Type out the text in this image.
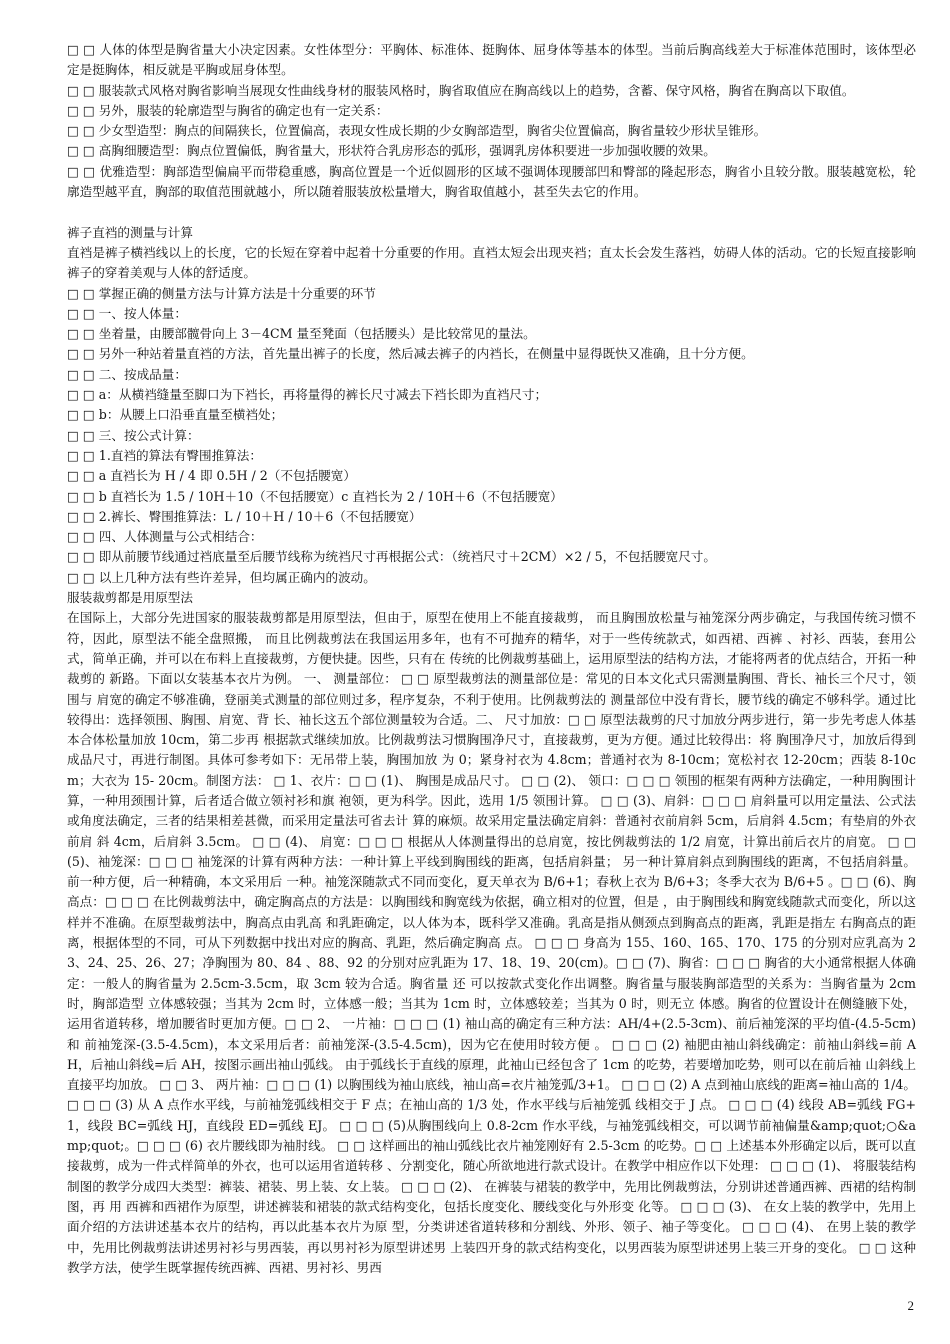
□ □ 人体的体型是胸省量大小决定因素。女性体型分：平胸体、标准体、挺胸体、屈身体等基本的体型。当前后胸高线差大于标准体范围时，该体型必定是挺胸体，相反就是平胸或屈身体型。

□ □ 服装款式风格对胸省影响当展现女性曲线身材的服装风格时，胸省取值应在胸高线以上的趋势，含蓄、保守风格，胸省在胸高以下取值。

□ □ 另外，服装的轮廓造型与胸省的确定也有一定关系：

□ □ 少女型造型：胸点的间隔狭长，位置偏高，表现女性成长期的少女胸部造型，胸省尖位置偏高，胸省量较少形状呈锥形。

□ □ 高胸细腰造型：胸点位置偏低，胸省量大，形状符合乳房形态的弧形，强调乳房体积要进一步加强收腰的效果。

□ □ 优雅造型：胸部造型偏扁平而带稳重感，胸高位置是一个近似圆形的区域不强调体现腰部凹和臀部的隆起形态，胸省小且较分散。服装越宽松，轮廓造型越平直，胸部的取值范围就越小，所以随着服装放松量增大，胸省取值越小，甚至失去它的作用。

裤子直裆的测量与计算

直裆是裤子横裆线以上的长度，它的长短在穿着中起着十分重要的作用。直裆太短会出现夹裆；直太长会发生落裆，妨碍人体的活动。它的长短直接影响裤子的穿着美观与人体的舒适度。

□ □ 掌握正确的侧量方法与计算方法是十分重要的环节

□ □ 一、按人体量：

□ □ 坐着量，由腰部髋骨向上 3－4CM 量至凳面（包括腰头）是比较常见的量法。

□ □ 另外一种站着量直裆的方法，首先量出裤子的长度，然后减去裤子的内裆长，在侧量中显得既快又准确，且十分方便。

□ □ 二、按成品量：

□ □ a：从横裆缝量至脚口为下裆长，再将量得的裤长尺寸减去下裆长即为直裆尺寸；

□ □ b：从腰上口沿垂直量至横裆处；

□ □ 三、按公式计算：

□ □ 1.直裆的算法有臀围推算法：

□ □ a 直裆长为 H / 4 即 0.5H / 2（不包括腰宽）

□ □ b 直裆长为 1.5 / 10H＋10（不包括腰宽）c 直裆长为 2 / 10H＋6（不包括腰宽）

□ □ 2.裤长、臀围推算法：L / 10＋H / 10＋6（不包括腰宽）

□ □ 四、人体测量与公式相结合：

□ □ 即从前腰节线通过裆底量至后腰节线称为统裆尺寸再根据公式：（统裆尺寸＋2CM）×2 / 5，不包括腰宽尺寸。

□ □ 以上几种方法有些许差异，但均属正确内的波动。

服装裁剪都是用原型法

在国际上，大部分先进国家的服装裁剪都是用原型法，但由于，原型在使用上不能直接裁剪， 而且胸围放松量与袖笼深分两步确定，与我国传统习惯不符，因此，原型法不能全盘照搬， 而且比例裁剪法在我国运用多年，也有不可抛弃的精华，对于一些传统款式，如西裙、西裤 、衬衫、西装，套用公式，简单正确，并可以在布料上直接裁剪，方便快捷。因些，只有在 传统的比例裁剪基础上，运用原型法的结构方法，才能将两者的优点结合，开拓一种裁剪的 新路。下面以女装基本衣片为例。 一、 测量部位： □ □ 原型裁剪法的测量部位是：常见的日本文化式只需测量胸围、背长、袖长三个尺寸，领围与 肩宽的确定不够准确，登丽美式测量的部位则过多，程序复杂，不利于使用。比例裁剪法的 测量部位中没有背长，腰节线的确定不够科学。通过比较得出：选择领围、胸围、肩宽、背 长、袖长这五个部位测量较为合适。二、 尺寸加放：□ □ 原型法裁剪的尺寸加放分两步进行，第一步先考虑人体基本合体松量加放 10cm，第二步再 根据款式继续加放。比例裁剪法习惯胸围净尺寸，直接裁剪，更为方便。通过比较得出：将 胸围净尺寸，加放后得到成品尺寸，再进行制图。具体可参考如下：无吊带上装，胸围加放 为 0；紧身衬衣为 4.8cm；普通衬衣为 8-10cm；宽松衬衣 12-20cm；西装 8-10cm；大衣为 15- 20cm。制图方法： □ 1、衣片：□ □ (1)、 胸围是成品尺寸。 □ □ (2)、 领口：□ □ □ 领围的框架有两种方法确定，一种用胸围计算，一种用颈围计算，后者适合做立领衬衫和旗 袍领，更为科学。因此，选用 1/5 领围计算。 □ □ (3)、肩斜：□ □ □ 肩斜量可以用定量法、公式法或角度法确定，三者的结果相差甚微，而采用定量法可省去计 算的麻烦。故采用定量法确定肩斜：普通衬衣前肩斜 5cm，后肩斜 4.5cm；有垫肩的外衣前肩 斜 4cm，后肩斜 3.5cm。 □ □ (4)、 肩宽：□ □ □ 根据从人体测量得出的总肩宽，按比例裁剪法的 1/2 肩宽，计算出前后衣片的肩宽。 □ □ (5)、袖笼深：□ □ □ 袖笼深的计算有两种方法：一种计算上平线到胸围线的距离，包括肩斜量； 另一种计算肩斜点到胸围线的距离，不包括肩斜量。前一种方便，后一种精确，本文采用后 一种。袖笼深随款式不同而变化，夏天单衣为 B/6+1；春秋上衣为 B/6+3；冬季大衣为 B/6+5 。□ □ (6)、胸高点：□ □ □ 在比例裁剪法中，确定胸高点的方法是：以胸围线和胸宽线为依据，确立相对的位置，但是 ，由于胸围线和胸宽线随款式而变化，所以这样并不准确。在原型裁剪法中，胸高点由乳高 和乳距确定，以人体为本，既科学又准确。乳高是指从侧颈点到胸高点的距离，乳距是指左 右胸高点的距离，根据体型的不同，可从下列数据中找出对应的胸高、乳距，然后确定胸高 点。 □ □ □ 身高为 155、160、165、170、175 的分别对应乳高为 23、24、25、26、27；净胸围为 80、84 、88、92 的分别对应乳距为 17、18、19、20(cm)。□ □ (7)、胸省：□ □ □ 胸省的大小通常根据人体确定：一般人的胸省量为 2.5cm-3.5cm，取 3cm 较为合适。胸省量 还 可以按款式变化作出调整。胸省量与服装胸部造型的关系为：当胸省量为 2cm 时，胸部造型 立体感较强；当其为 2cm 时，立体感一般；当其为 1cm 时，立体感较差；当其为 0 时，则无立 体感。胸省的位置设计在侧缝腋下处，运用省道转移，增加腰省时更加方便。□ □ 2、 一片袖：□ □ □ (1) 袖山高的确定有三种方法：AH/4+(2.5-3cm)、前后袖笼深的平均值-(4.5-5cm)和 前袖笼深-(3.5-4.5cm)，本文采用后者：前袖笼深-(3.5-4.5cm)，因为它在使用时较方便 。 □ □ □ (2) 袖肥由袖山斜线确定：前袖山斜线=前 AH，后袖山斜线=后 AH，按图示画出袖山弧线。 由于弧线长于直线的原理，此袖山已经包含了 1cm 的吃势，若要增加吃势，则可以在前后袖 山斜线上直接平均加放。 □ □ 3、 两片袖：□ □ □ (1) 以胸围线为袖山底线，袖山高=衣片袖笼弧/3+1。 □ □ □ (2) A 点到袖山底线的距离=袖山高的 1/4。 □ □ □ (3) 从 A 点作水平线，与前袖笼弧线相交于 F 点；在袖山高的 1/3 处，作水平线与后袖笼弧 线相交于 J 点。 □ □ □ (4) 线段 AB=弧线 FG+1，线段 BC=弧线 HJ，直线段 ED=弧线 EJ。 □ □ □ (5)从胸围线向上 0.8-2cm 作水平线，与袖笼弧线相交，可以调节前袖偏量&amp;quot;○&amp;quot;。□ □ □ (6) 衣片腰线即为袖肘线。 □ □ 这样画出的袖山弧线比衣片袖笼刚好有 2.5-3cm 的吃势。□ □ 上述基本外形确定以后，既可以直接裁剪，成为一件式样简单的外衣，也可以运用省道转移 、分割变化，随心所欲地进行款式设计。在教学中相应作以下处理： □ □ □ (1)、 将服装结构制图的教学分成四大类型：裤装、裙装、男上装、女上装。 □ □ □ (2)、 在裤装与裙装的教学中，先用比例裁剪法，分别讲述普通西裤、西裙的结构制图，再 用 西裤和西裙作为原型，讲述裤装和裙装的款式结构变化，包括长度变化、腰线变化与外形变 化等。 □ □ □ (3)、 在女上装的教学中，先用上面介绍的方法讲述基本衣片的结构，再以此基本衣片为原 型，分类讲述省道转移和分割线、外形、领子、袖子等变化。 □ □ □ (4)、 在男上装的教学中，先用比例裁剪法讲述男衬衫与男西装，再以男衬衫为原型讲述男 上装四开身的款式结构变化，以男西装为原型讲述男上装三开身的变化。 □ □ 这种教学方法，使学生既掌握传统西裤、西裙、男衬衫、男西

2
